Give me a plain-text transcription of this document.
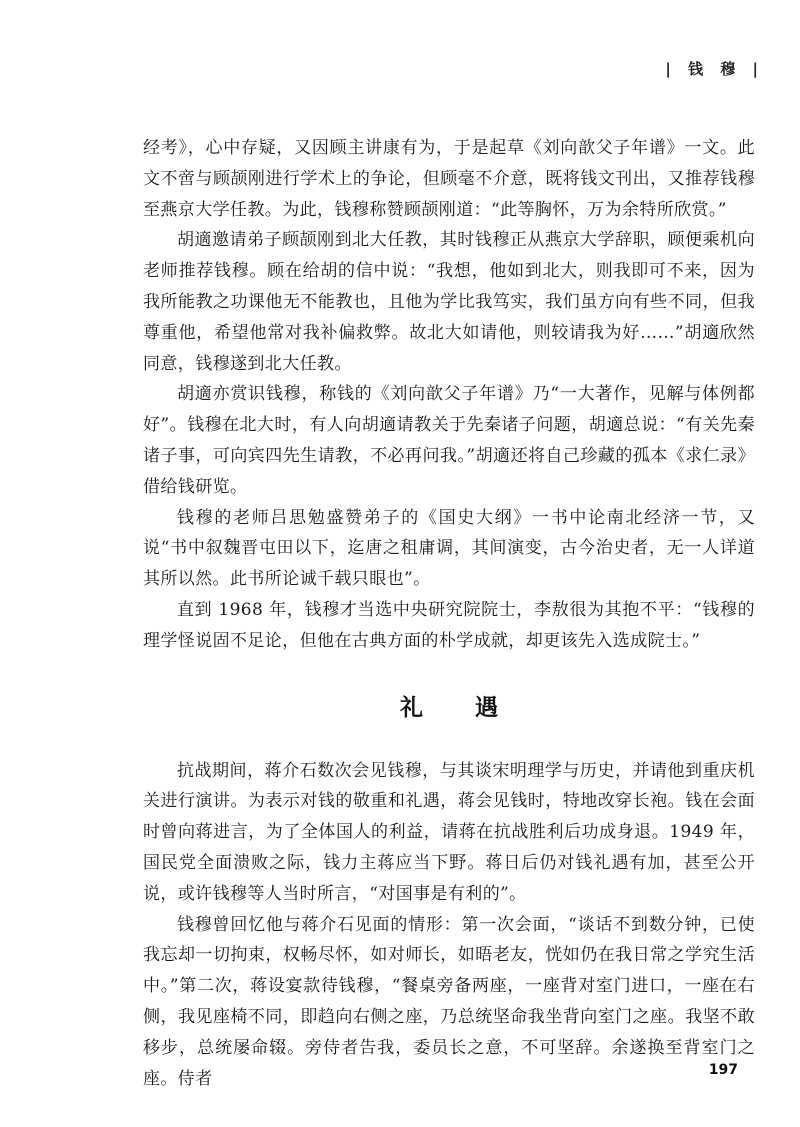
| 钱 穆 |

经考》，心中存疑，又因顾主讲康有为，于是起草《刘向歆父子年谱》一文。此文不啻与顾颉刚进行学术上的争论，但顾毫不介意，既将钱文刊出，又推荐钱穆至燕京大学任教。为此，钱穆称赞顾颉刚道：“此等胸怀，万为余特所欣赏。”

胡適邀请弟子顾颉刚到北大任教，其时钱穆正从燕京大学辞职，顾便乘机向老师推荐钱穆。顾在给胡的信中说：“我想，他如到北大，则我即可不来，因为我所能教之功课他无不能教也，且他为学比我笃实，我们虽方向有些不同，但我尊重他，希望他常对我补偏救弊。故北大如请他，则较请我为好……”胡適欣然同意，钱穆遂到北大任教。

胡適亦赏识钱穆，称钱的《刘向歆父子年谱》乃“一大著作，见解与体例都好”。钱穆在北大时，有人向胡適请教关于先秦诸子问题，胡適总说：“有关先秦诸子事，可向宾四先生请教，不必再问我。”胡適还将自己珍藏的孤本《求仁录》借给钱研览。

钱穆的老师吕思勉盛赞弟子的《国史大纲》一书中论南北经济一节，又说“书中叙魏晋屯田以下，迄唐之租庸调，其间演变，古今治史者，无一人详道其所以然。此书所论诚千载只眼也”。

直到 1968 年，钱穆才当选中央研究院院士，李敖很为其抱不平：“钱穆的理学怪说固不足论，但他在古典方面的朴学成就，却更该先入选成院士。”

礼 遇

抗战期间，蒋介石数次会见钱穆，与其谈宋明理学与历史，并请他到重庆机关进行演讲。为表示对钱的敬重和礼遇，蒋会见钱时，特地改穿长袍。钱在会面时曾向蒋进言，为了全体国人的利益，请蒋在抗战胜利后功成身退。1949 年，国民党全面溃败之际，钱力主蒋应当下野。蒋日后仍对钱礼遇有加，甚至公开说，或许钱穆等人当时所言，“对国事是有利的”。

钱穆曾回忆他与蒋介石见面的情形：第一次会面，“谈话不到数分钟，已使我忘却一切拘束，权畅尽怀，如对师长，如晤老友，恍如仍在我日常之学究生活中。”第二次，蒋设宴款待钱穆，“餐桌旁备两座，一座背对室门进口，一座在右侧，我见座椅不同，即趋向右侧之座，乃总统坚命我坐背向室门之座。我坚不敢移步，总统屡命辍。旁侍者告我，委员长之意，不可坚辞。余遂换至背室门之座。侍者	197
